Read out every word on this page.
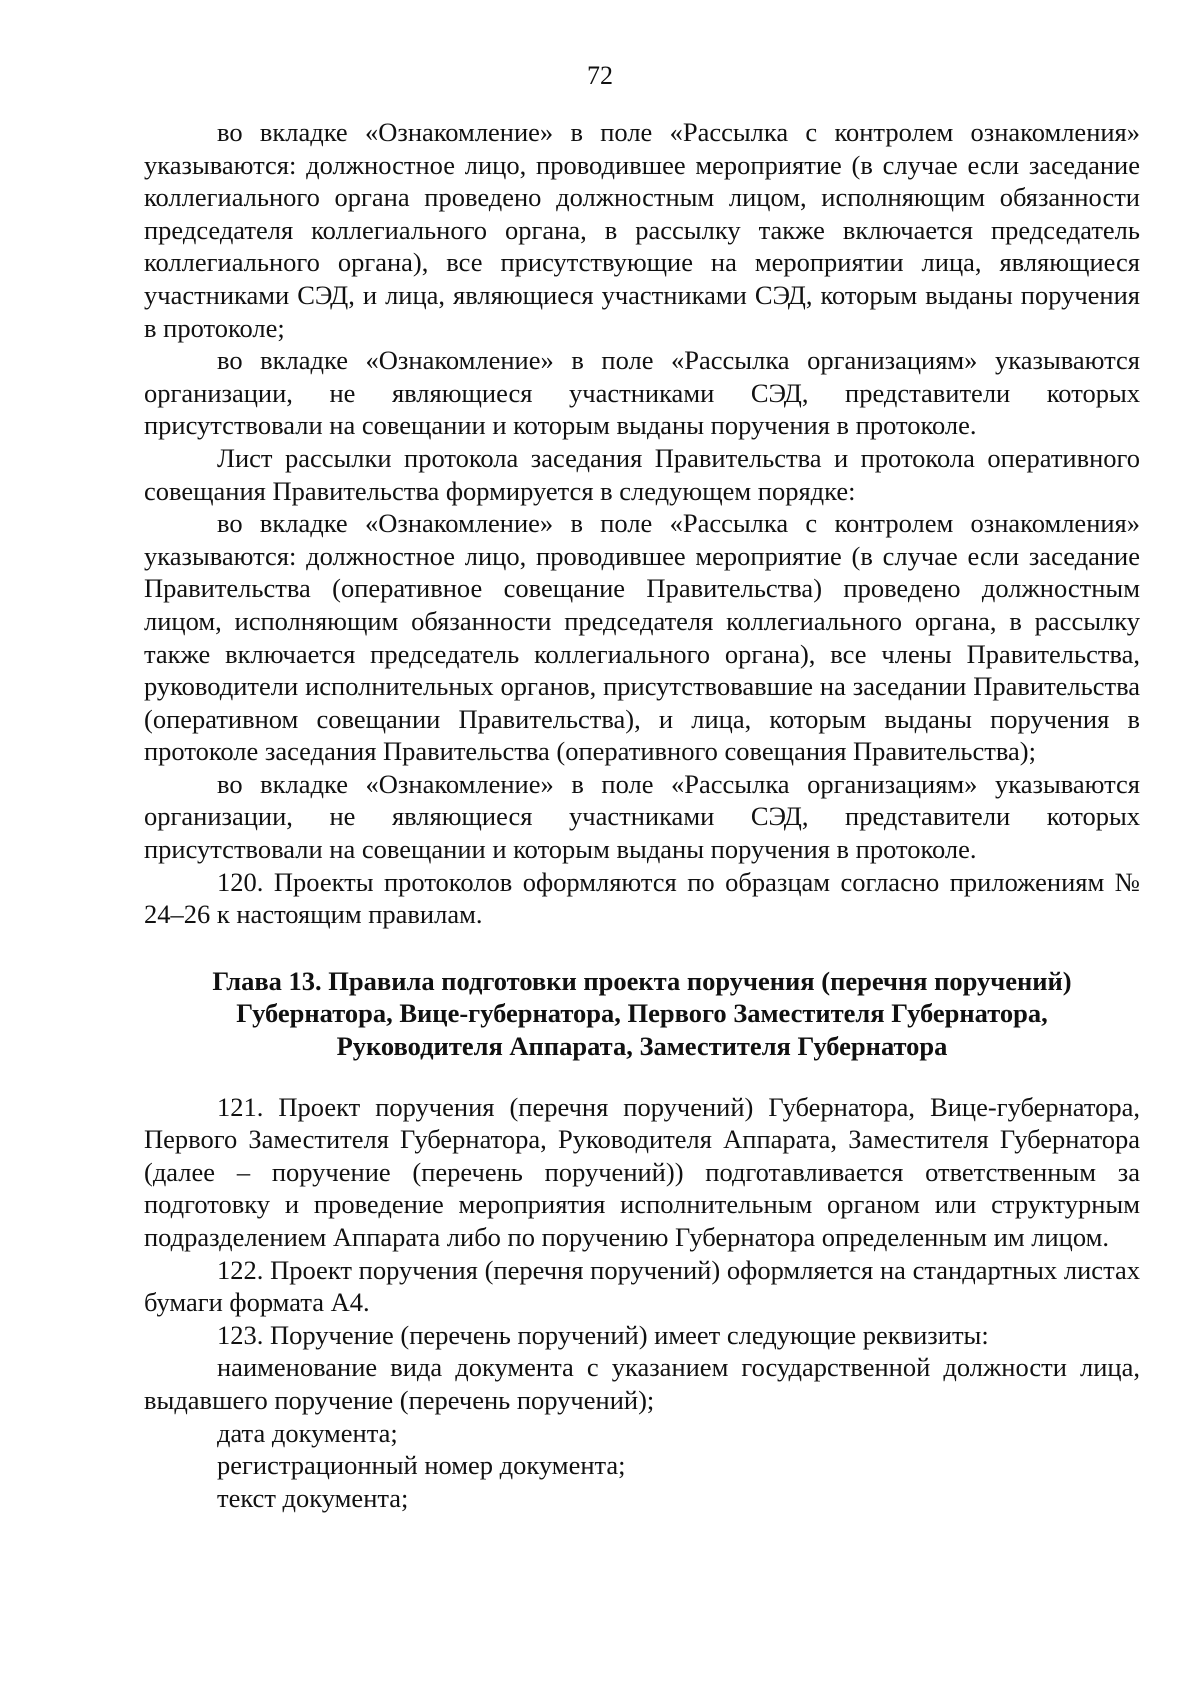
72

во вкладке «Ознакомление» в поле «Рассылка с контролем ознакомления» указываются: должностное лицо, проводившее мероприятие (в случае если заседание коллегиального органа проведено должностным лицом, исполняющим обязанности председателя коллегиального органа, в рассылку также включается председатель коллегиального органа), все присутствующие на мероприятии лица, являющиеся участниками СЭД, и лица, являющиеся участниками СЭД, которым выданы поручения в протоколе;

во вкладке «Ознакомление» в поле «Рассылка организациям» указываются организации, не являющиеся участниками СЭД, представители которых присутствовали на совещании и которым выданы поручения в протоколе.

Лист рассылки протокола заседания Правительства и протокола оперативного совещания Правительства формируется в следующем порядке:

во вкладке «Ознакомление» в поле «Рассылка с контролем ознакомления» указываются: должностное лицо, проводившее мероприятие (в случае если заседание Правительства (оперативное совещание Правительства) проведено должностным лицом, исполняющим обязанности председателя коллегиального органа, в рассылку также включается председатель коллегиального органа), все члены Правительства, руководители исполнительных органов, присутствовавшие на заседании Правительства (оперативном совещании Правительства), и лица, которым выданы поручения в протоколе заседания Правительства (оперативного совещания Правительства);

во вкладке «Ознакомление» в поле «Рассылка организациям» указываются организации, не являющиеся участниками СЭД, представители которых присутствовали на совещании и которым выданы поручения в протоколе.

120. Проекты протоколов оформляются по образцам согласно приложениям № 24–26 к настоящим правилам.

Глава 13. Правила подготовки проекта поручения (перечня поручений)
Губернатора, Вице-губернатора, Первого Заместителя Губернатора,
Руководителя Аппарата, Заместителя Губернатора

121. Проект поручения (перечня поручений) Губернатора, Вице-губернатора, Первого Заместителя Губернатора, Руководителя Аппарата, Заместителя Губернатора (далее – поручение (перечень поручений)) подготавливается ответственным за подготовку и проведение мероприятия исполнительным органом или структурным подразделением Аппарата либо по поручению Губернатора определенным им лицом.

122. Проект поручения (перечня поручений) оформляется на стандартных листах бумаги формата А4.

123. Поручение (перечень поручений) имеет следующие реквизиты:

наименование вида документа с указанием государственной должности лица, выдавшего поручение (перечень поручений);

дата документа;

регистрационный номер документа;

текст документа;
